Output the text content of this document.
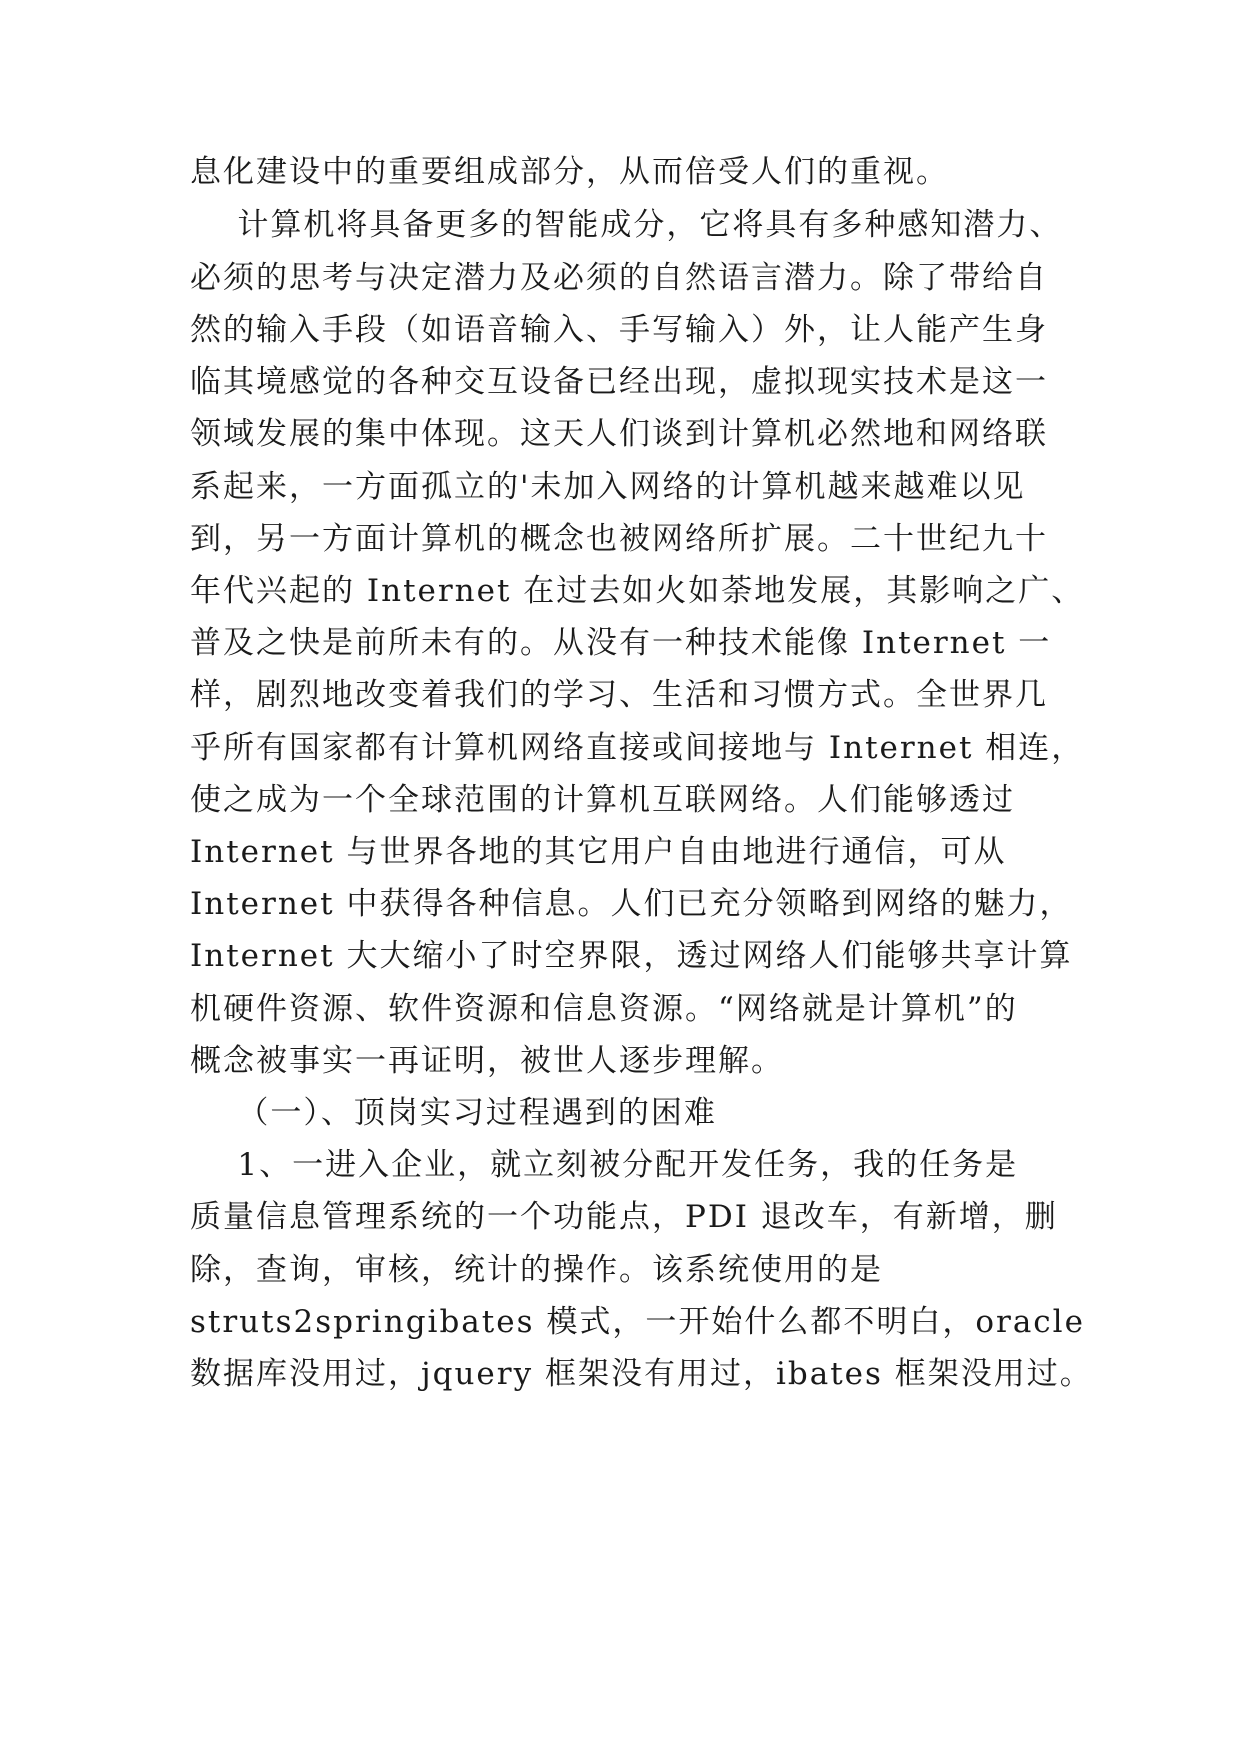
息化建设中的重要组成部分，从而倍受人们的重视。
计算机将具备更多的智能成分，它将具有多种感知潜力、
必须的思考与决定潜力及必须的自然语言潜力。除了带给自
然的输入手段（如语音输入、手写输入）外，让人能产生身
临其境感觉的各种交互设备已经出现，虚拟现实技术是这一
领域发展的集中体现。这天人们谈到计算机必然地和网络联
系起来，一方面孤立的'未加入网络的计算机越来越难以见
到，另一方面计算机的概念也被网络所扩展。二十世纪九十
年代兴起的 Internet 在过去如火如荼地发展，其影响之广、
普及之快是前所未有的。从没有一种技术能像 Internet 一
样，剧烈地改变着我们的学习、生活和习惯方式。全世界几
乎所有国家都有计算机网络直接或间接地与 Internet 相连，
使之成为一个全球范围的计算机互联网络。人们能够透过
Internet 与世界各地的其它用户自由地进行通信，可从
Internet 中获得各种信息。人们已充分领略到网络的魅力，
Internet 大大缩小了时空界限，透过网络人们能够共享计算
机硬件资源、软件资源和信息资源。“网络就是计算机”的
概念被事实一再证明，被世人逐步理解。
（一）、顶岗实习过程遇到的困难
1、一进入企业，就立刻被分配开发任务，我的任务是
质量信息管理系统的一个功能点，PDI 退改车，有新增，删
除，查询，审核，统计的操作。该系统使用的是
struts2springibates 模式，一开始什么都不明白，oracle
数据库没用过，jquery 框架没有用过，ibates 框架没用过。
